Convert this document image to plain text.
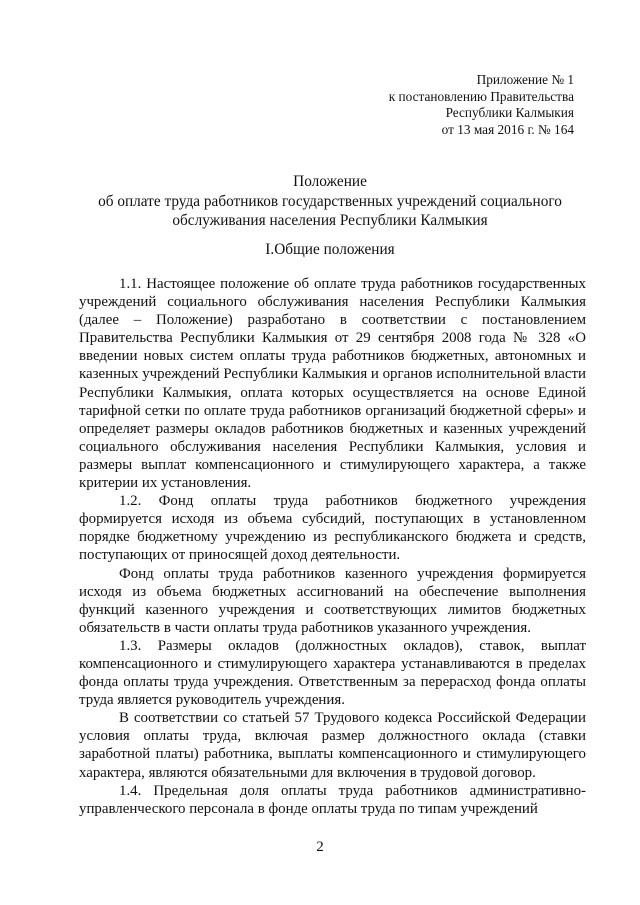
Приложение № 1
к постановлению Правительства
Республики Калмыкия
от 13 мая 2016 г. № 164
Положение
об оплате труда работников государственных учреждений социального
обслуживания населения Республики Калмыкия
I.Общие положения

1.1. Настоящее положение об оплате труда работников государственных учреждений социального обслуживания населения Республики Калмыкия (далее – Положение) разработано в соответствии с постановлением Правительства Республики Калмыкия от 29 сентября 2008 года № 328 «О введении новых систем оплаты труда работников бюджетных, автономных и казенных учреждений Республики Калмыкия и органов исполнительной власти Республики Калмыкия, оплата которых осуществляется на основе Единой тарифной сетки по оплате труда работников организаций бюджетной сферы» и определяет размеры окладов работников бюджетных и казенных учреждений социального обслуживания населения Республики Калмыкия, условия и размеры выплат компенсационного и стимулирующего характера, а также критерии их установления.

1.2. Фонд оплаты труда работников бюджетного учреждения формируется исходя из объема субсидий, поступающих в установленном порядке бюджетному учреждению из республиканского бюджета и средств, поступающих от приносящей доход деятельности.

Фонд оплаты труда работников казенного учреждения формируется исходя из объема бюджетных ассигнований на обеспечение выполнения функций казенного учреждения и соответствующих лимитов бюджетных обязательств в части оплаты труда работников указанного учреждения.

1.3. Размеры окладов (должностных окладов), ставок, выплат компенсационного и стимулирующего характера устанавливаются в пределах фонда оплаты труда учреждения. Ответственным за перерасход фонда оплаты труда является руководитель учреждения.

В соответствии со статьей 57 Трудового кодекса Российской Федерации условия оплаты труда, включая размер должностного оклада (ставки заработной платы) работника, выплаты компенсационного и стимулирующего характера, являются обязательными для включения в трудовой договор.

1.4. Предельная доля оплаты труда работников административно-управленческого персонала в фонде оплаты труда по типам учреждений

2
